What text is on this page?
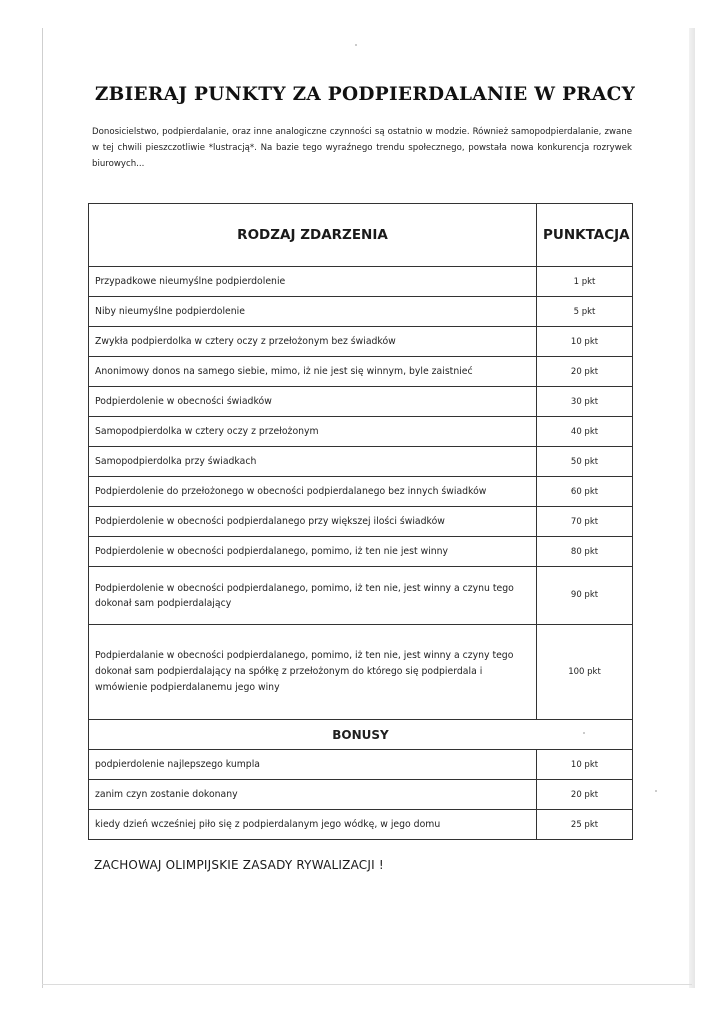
ZBIERAJ PUNKTY ZA PODPIERDALANIE W PRACY
Donosicielstwo, podpierdalanie, oraz inne analogiczne czynności są ostatnio w modzie. Również samopodpierdalanie, zwane w tej chwili pieszczotliwie *lustracją*. Na bazie tego wyraźnego trendu społecznego, powstała nowa konkurencja rozrywek biurowych...
RODZAJ ZDARZENIA	PUNKTACJA
Przypadkowe nieumyślne podpierdolenie	1 pkt
Niby nieumyślne podpierdolenie	5 pkt
Zwykła podpierdolka w cztery oczy z przełożonym bez świadków	10 pkt
Anonimowy donos na samego siebie, mimo, iż nie jest się winnym, byle zaistnieć	20 pkt
Podpierdolenie w obecności świadków	30 pkt
Samopodpierdolka w cztery oczy z przełożonym	40 pkt
Samopodpierdolka przy świadkach	50 pkt
Podpierdolenie do przełożonego w obecności podpierdalanego bez innych świadków	60 pkt
Podpierdolenie w obecności podpierdalanego przy większej ilości świadków	70 pkt
Podpierdolenie w obecności podpierdalanego, pomimo, iż ten nie jest winny	80 pkt
Podpierdolenie w obecności podpierdalanego, pomimo, iż ten nie, jest winny a czynu tego dokonał sam podpierdalający	90 pkt
Podpierdalanie w obecności podpierdalanego, pomimo, iż ten nie, jest winny a czyny tego dokonał sam podpierdalający na spółkę z przełożonym do którego się podpierdala i wmówienie podpierdalanemu jego winy	100 pkt
BONUSY	
podpierdolenie najlepszego kumpla	10 pkt
zanim czyn zostanie dokonany	20 pkt
kiedy dzień wcześniej piło się z podpierdalanym jego wódkę, w jego domu	25 pkt
ZACHOWAJ OLIMPIJSKIE ZASADY RYWALIZACJI !
